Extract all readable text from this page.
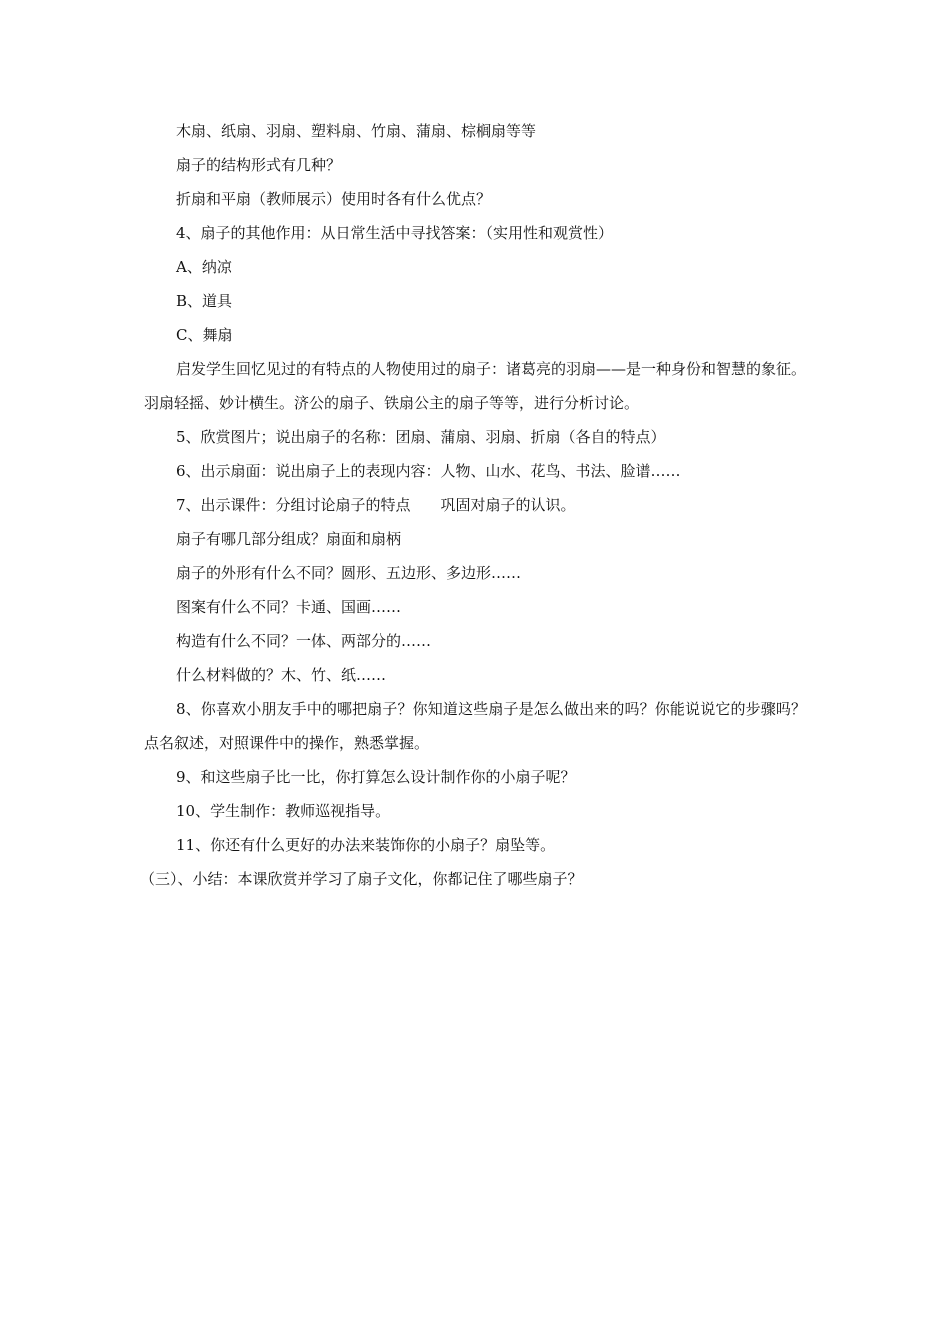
木扇、纸扇、羽扇、塑料扇、竹扇、蒲扇、棕榈扇等等
扇子的结构形式有几种？
折扇和平扇（教师展示）使用时各有什么优点？
4、扇子的其他作用：从日常生活中寻找答案：（实用性和观赏性）
A、纳凉
B、道具
C、舞扇

启发学生回忆见过的有特点的人物使用过的扇子：诸葛亮的羽扇——是一种身份和智慧的象征。羽扇轻摇、妙计横生。济公的扇子、铁扇公主的扇子等等，进行分析讨论。

5、欣赏图片；说出扇子的名称：团扇、蒲扇、羽扇、折扇（各自的特点）
6、出示扇面：说出扇子上的表现内容：人物、山水、花鸟、书法、脸谱……
7、出示课件：分组讨论扇子的特点　　巩固对扇子的认识。
扇子有哪几部分组成？扇面和扇柄
扇子的外形有什么不同？圆形、五边形、多边形……
图案有什么不同？卡通、国画……
构造有什么不同？一体、两部分的……
什么材料做的？木、竹、纸……

8、你喜欢小朋友手中的哪把扇子？你知道这些扇子是怎么做出来的吗？你能说说它的步骤吗？点名叙述，对照课件中的操作，熟悉掌握。

9、和这些扇子比一比，你打算怎么设计制作你的小扇子呢？
10、学生制作：教师巡视指导。
11、你还有什么更好的办法来装饰你的小扇子？扇坠等。
（三）、小结：本课欣赏并学习了扇子文化，你都记住了哪些扇子？
